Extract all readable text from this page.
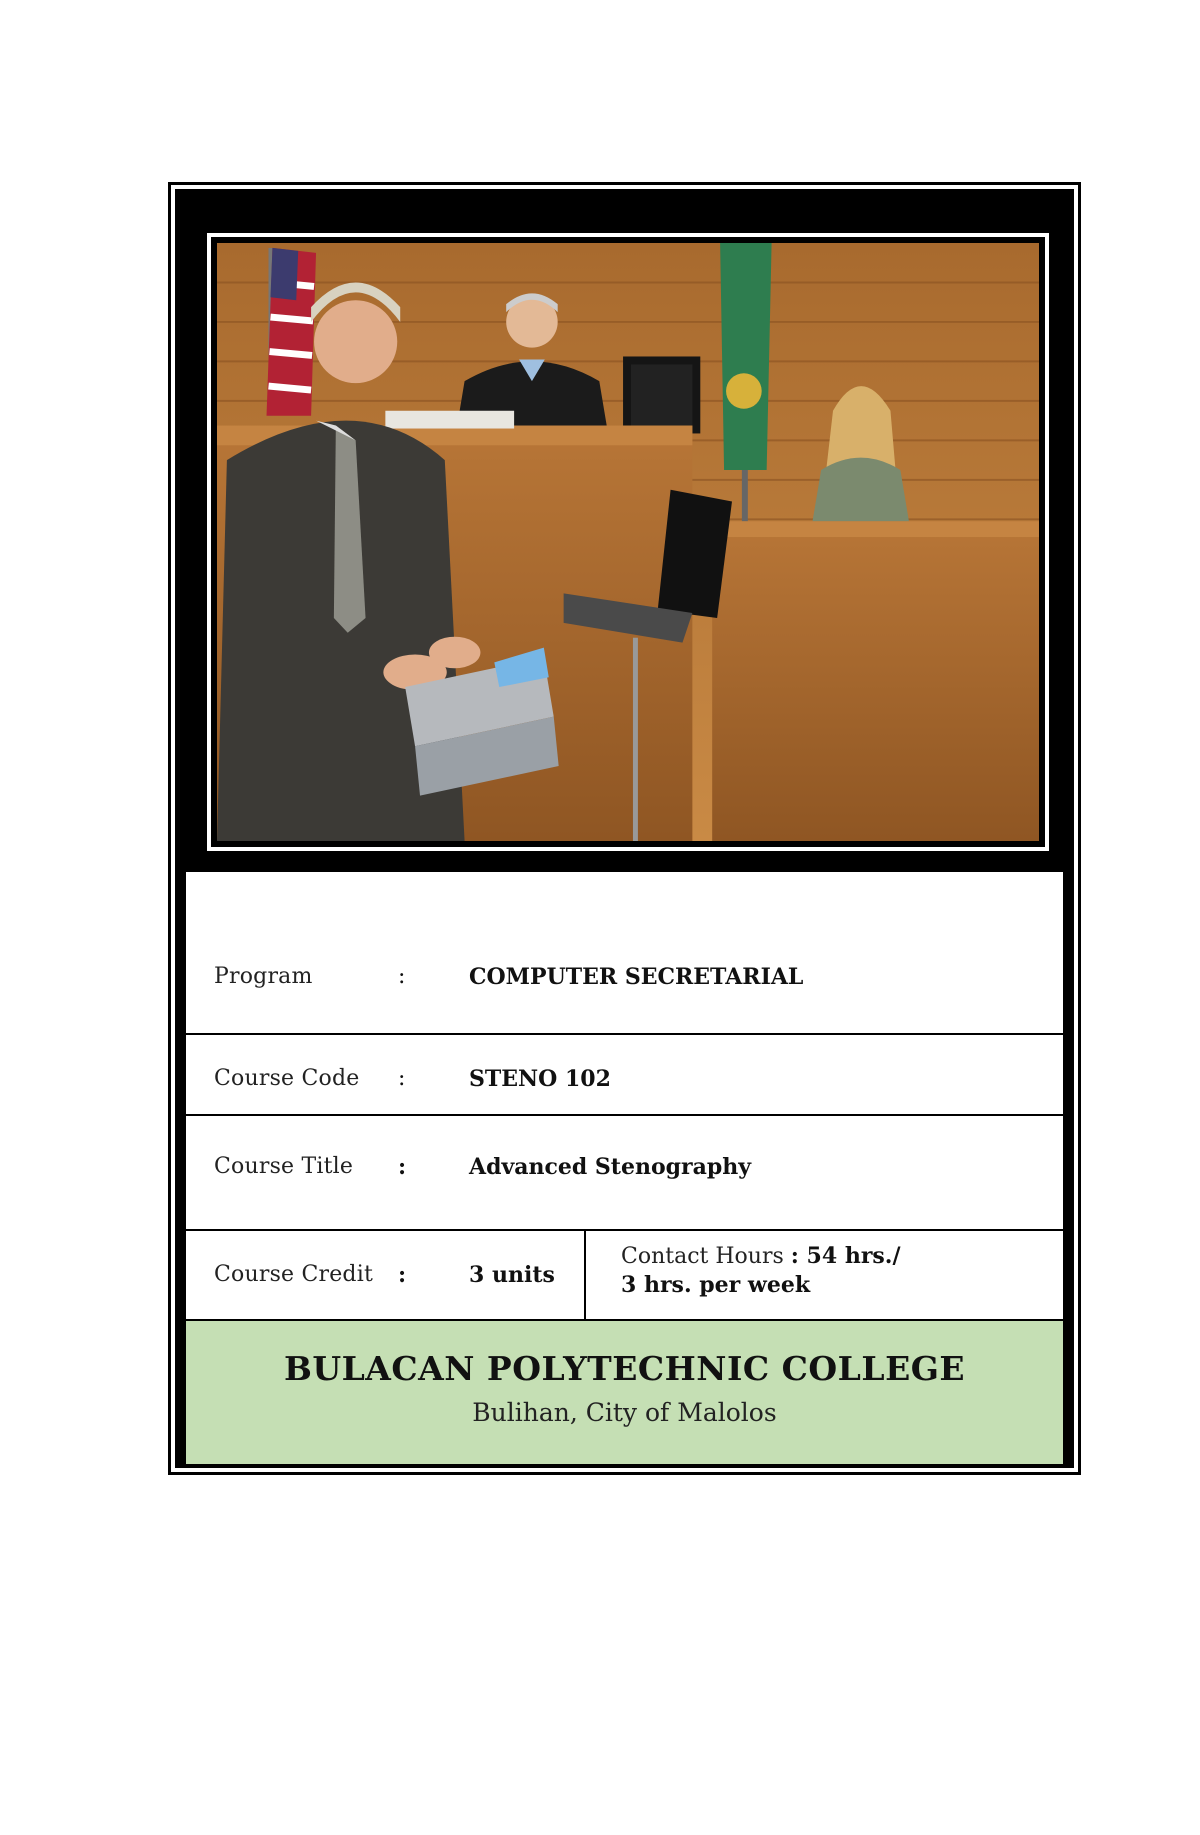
Program	:	COMPUTER SECRETARIAL
Course Code :	STENO 102
Course Title :	Advanced Stenography
Course Credit :	3 units
Contact Hours : 54 hrs./
3 hrs. per week
BULACAN POLYTECHNIC COLLEGE
Bulihan, City of Malolos
